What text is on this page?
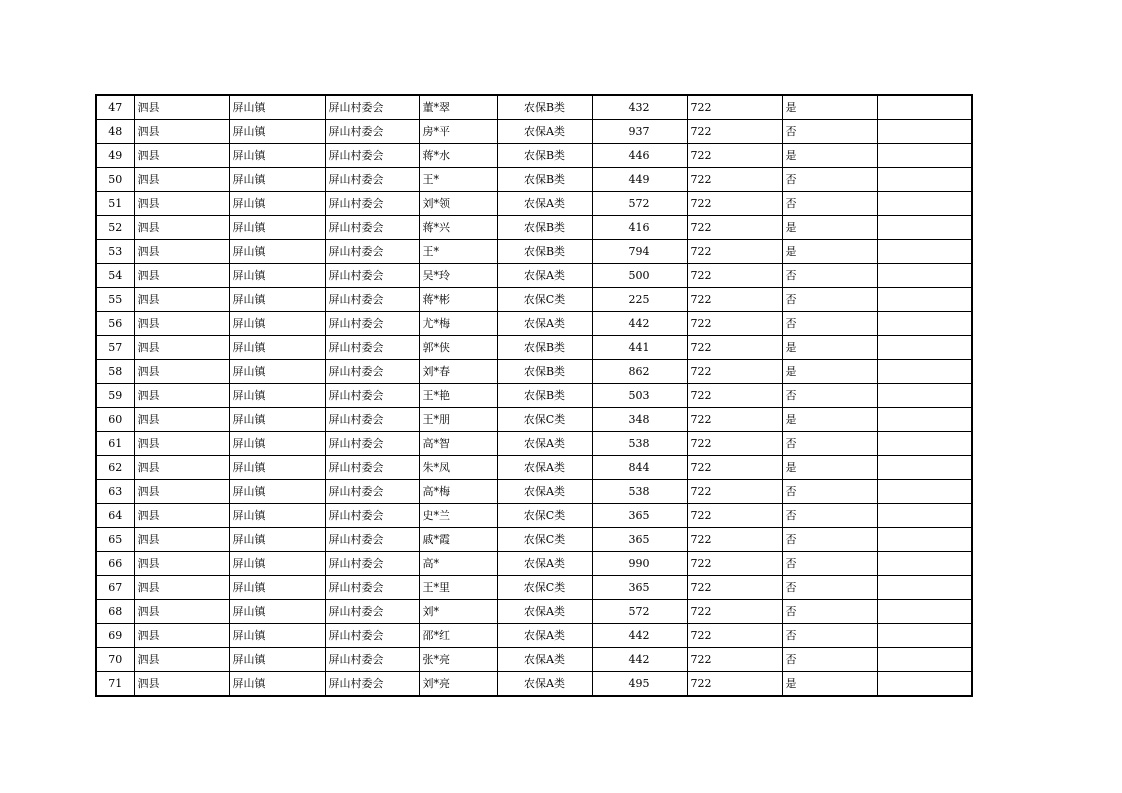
47	泗县	屏山镇	屏山村委会	董*翠	农保B类	432	722	是	
48	泗县	屏山镇	屏山村委会	房*平	农保A类	937	722	否	
49	泗县	屏山镇	屏山村委会	蒋*水	农保B类	446	722	是	
50	泗县	屏山镇	屏山村委会	王*	农保B类	449	722	否	
51	泗县	屏山镇	屏山村委会	刘*领	农保A类	572	722	否	
52	泗县	屏山镇	屏山村委会	蒋*兴	农保B类	416	722	是	
53	泗县	屏山镇	屏山村委会	王*	农保B类	794	722	是	
54	泗县	屏山镇	屏山村委会	吴*玲	农保A类	500	722	否	
55	泗县	屏山镇	屏山村委会	蒋*彬	农保C类	225	722	否	
56	泗县	屏山镇	屏山村委会	尤*梅	农保A类	442	722	否	
57	泗县	屏山镇	屏山村委会	郭*侠	农保B类	441	722	是	
58	泗县	屏山镇	屏山村委会	刘*春	农保B类	862	722	是	
59	泗县	屏山镇	屏山村委会	王*艳	农保B类	503	722	否	
60	泗县	屏山镇	屏山村委会	王*朋	农保C类	348	722	是	
61	泗县	屏山镇	屏山村委会	高*智	农保A类	538	722	否	
62	泗县	屏山镇	屏山村委会	朱*凤	农保A类	844	722	是	
63	泗县	屏山镇	屏山村委会	高*梅	农保A类	538	722	否	
64	泗县	屏山镇	屏山村委会	史*兰	农保C类	365	722	否	
65	泗县	屏山镇	屏山村委会	戚*霞	农保C类	365	722	否	
66	泗县	屏山镇	屏山村委会	高*	农保A类	990	722	否	
67	泗县	屏山镇	屏山村委会	王*里	农保C类	365	722	否	
68	泗县	屏山镇	屏山村委会	刘*	农保A类	572	722	否	
69	泗县	屏山镇	屏山村委会	邵*红	农保A类	442	722	否	
70	泗县	屏山镇	屏山村委会	张*亮	农保A类	442	722	否	
71	泗县	屏山镇	屏山村委会	刘*亮	农保A类	495	722	是	
